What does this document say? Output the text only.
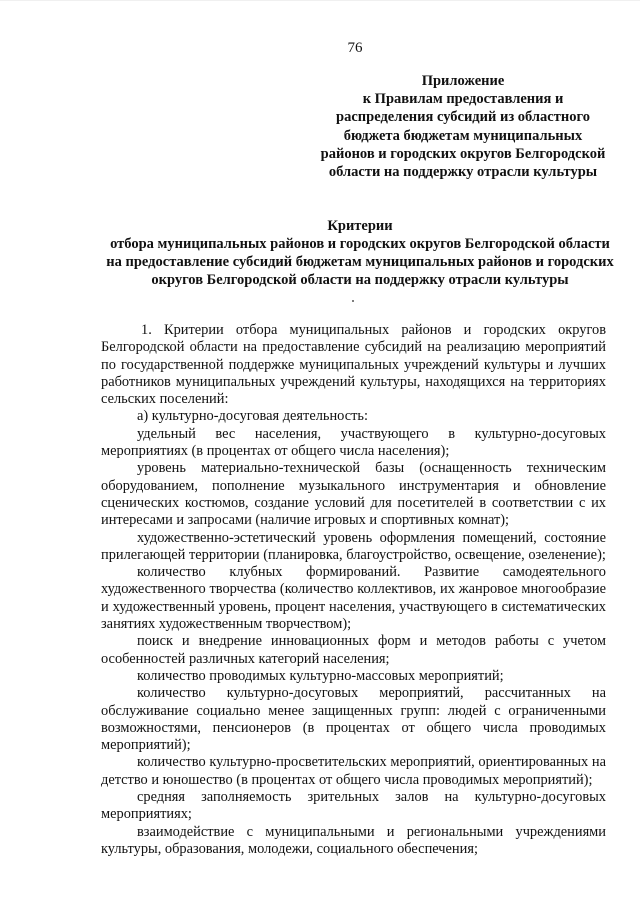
76
Приложение
к Правилам предоставления и
распределения субсидий из областного
бюджета бюджетам муниципальных
районов и городских округов Белгородской
области на поддержку отрасли культуры
Критерии
отбора муниципальных районов и городских округов Белгородской области
на предоставление субсидий бюджетам муниципальных районов и городских
округов Белгородской области на поддержку отрасли культуры

1. Критерии отбора муниципальных районов и городских округов Белгородской области на предоставление субсидий на реализацию мероприятий по государственной поддержке муниципальных учреждений культуры и лучших работников муниципальных учреждений культуры, находящихся на территориях сельских поселений:

а) культурно-досуговая деятельность:

удельный вес населения, участвующего в культурно-досуговых мероприятиях (в процентах от общего числа населения);

уровень материально-технической базы (оснащенность техническим оборудованием, пополнение музыкального инструментария и обновление сценических костюмов, создание условий для посетителей в соответствии с их интересами и запросами (наличие игровых и спортивных комнат);

художественно-эстетический уровень оформления помещений, состояние прилегающей территории (планировка, благоустройство, освещение, озеленение);

количество клубных формирований. Развитие самодеятельного художественного творчества (количество коллективов, их жанровое многообразие и художественный уровень, процент населения, участвующего в систематических занятиях художественным творчеством);

поиск и внедрение инновационных форм и методов работы с учетом особенностей различных категорий населения;

количество проводимых культурно-массовых мероприятий;

количество культурно-досуговых мероприятий, рассчитанных на обслуживание социально менее защищенных групп: людей с ограниченными возможностями, пенсионеров (в процентах от общего числа проводимых мероприятий);

количество культурно-просветительских мероприятий, ориентированных на детство и юношество (в процентах от общего числа проводимых мероприятий);

средняя заполняемость зрительных залов на культурно-досуговых мероприятиях;

взаимодействие с муниципальными и региональными учреждениями культуры, образования, молодежи, социального обеспечения;
